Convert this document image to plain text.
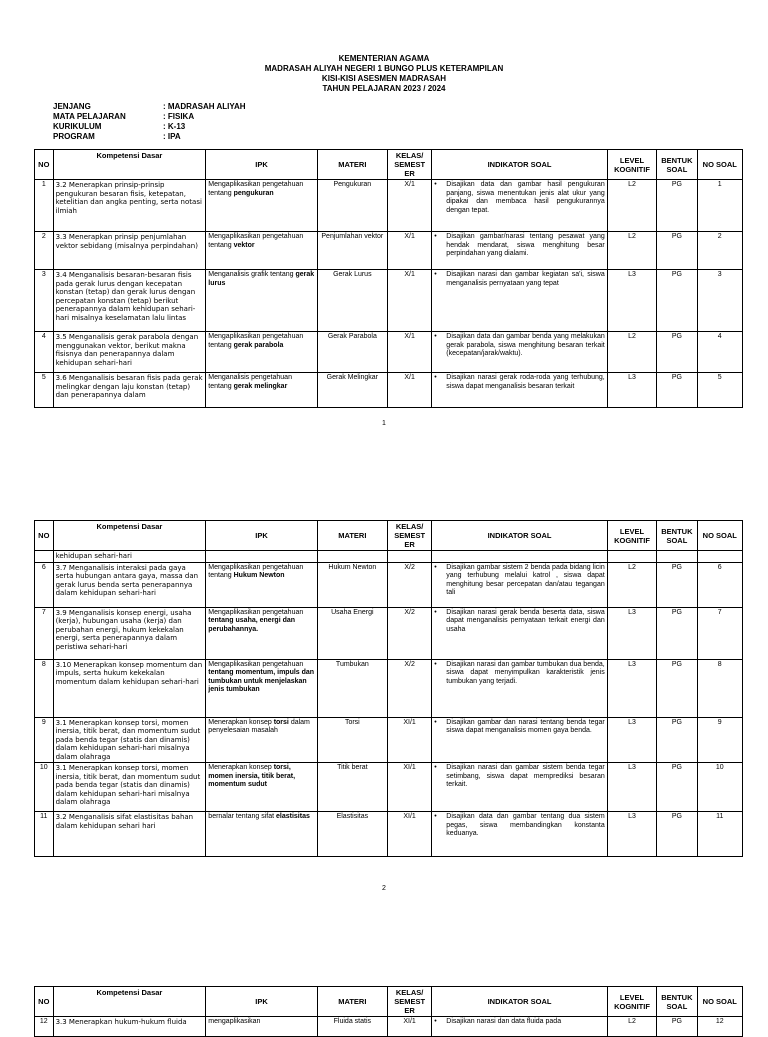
KEMENTERIAN AGAMA
MADRASAH ALIYAH NEGERI 1 BUNGO PLUS KETERAMPILAN
KISI-KISI ASESMEN MADRASAH
TAHUN PELAJARAN 2023 / 2024
JENJANG	: MADRASAH ALIYAH
MATA PELAJARAN	: FISIKA
KURIKULUM	: K-13
PROGRAM	: IPA
NO	Kompetensi Dasar	IPK	MATERI	KELAS/ SEMEST ER	INDIKATOR SOAL	LEVEL KOGNITIF	BENTUK SOAL	NO SOAL
1	3.2 Menerapkan prinsip-prinsip pengukuran besaran fisis, ketepatan, ketelitian dan angka penting, serta notasi ilmiah	Mengaplikasikan pengetahuan tentang pengukuran	Pengukuran	X/1	• Disajikan data dan gambar hasil pengukuran panjang, siswa menentukan jenis alat ukur yang dipakai dan membaca hasil pengukurannya dengan tepat.	L2	PG	1
2	3.3 Menerapkan prinsip penjumlahan vektor sebidang (misalnya perpindahan)	Mengaplikasikan pengetahuan tentang vektor	Penjumlahan vektor	X/1	• Disajikan gambar/narasi tentang pesawat yang hendak mendarat, siswa menghitung besar perpindahan yang dialami.	L2	PG	2
3	3.4 Menganalisis besaran-besaran fisis pada gerak lurus dengan kecepatan konstan (tetap) dan gerak lurus dengan percepatan konstan (tetap) berikut penerapannya dalam kehidupan sehari-hari misalnya keselamatan lalu lintas	Menganalisis grafik tentang gerak lurus	Gerak Lurus	X/1	• Disajikan narasi dan gambar kegiatan sa'i, siswa menganalisis pernyataan yang tepat	L3	PG	3
4	3.5 Menganalisis gerak parabola dengan menggunakan vektor, berikut makna fisisnya dan penerapannya dalam kehidupan sehari-hari	Mengaplikasikan pengetahuan tentang gerak parabola	Gerak Parabola	X/1	• Disajikan data dan gambar benda yang melakukan gerak parabola, siswa menghitung besaran terkait (kecepatan/jarak/waktu).	L2	PG	4
5	3.6 Menganalisis besaran fisis pada gerak melingkar dengan laju konstan (tetap) dan penerapannya dalam	Menganalisis pengetahuan tentang gerak melingkar	Gerak Melingkar	X/1	• Disajikan narasi gerak roda-roda yang terhubung, siswa dapat menganalisis besaran terkait	L3	PG	5
1
NO	Kompetensi Dasar	IPK	MATERI	KELAS/ SEMEST ER	INDIKATOR SOAL	LEVEL KOGNITIF	BENTUK SOAL	NO SOAL
	kehidupan sehari-hari							
6	3.7 Menganalisis interaksi pada gaya serta hubungan antara gaya, massa dan gerak lurus benda serta penerapannya dalam kehidupan sehari-hari	Mengaplikasikan pengetahuan tentang Hukum Newton	Hukum Newton	X/2	• Disajikan gambar sistem 2 benda pada bidang licin yang terhubung melalui katrol , siswa dapat menghitung besar percepatan dan/atau tegangan tali	L2	PG	6
7	3.9 Menganalisis konsep energi, usaha (kerja), hubungan usaha (kerja) dan perubahan energi, hukum kekekalan energi, serta penerapannya dalam peristiwa sehari-hari	Mengaplikasikan pengetahuan tentang usaha, energi dan perubahannya.	Usaha Energi	X/2	• Disajikan narasi gerak benda beserta data, siswa dapat menganalisis pernyataan terkait energi dan usaha	L3	PG	7
8	3.10 Menerapkan konsep momentum dan impuls, serta hukum kekekalan momentum dalam kehidupan sehari-hari	Mengaplikasikan pengetahuan tentang momentum, impuls dan tumbukan untuk menjelaskan jenis tumbukan	Tumbukan	X/2	• Disajikan narasi dan gambar tumbukan dua benda, siswa dapat menyimpulkan karakteristik jenis tumbukan yang terjadi.	L3	PG	8
9	3.1 Menerapkan konsep torsi, momen inersia, titik berat, dan momentum sudut pada benda tegar (statis dan dinamis) dalam kehidupan sehari-hari misalnya dalam olahraga	Menerapkan konsep torsi dalam penyelesaian masalah	Torsi	XI/1	• Disajikan gambar dan narasi tentang benda tegar siswa dapat menganalisis momen gaya benda.	L3	PG	9
10	3.1 Menerapkan konsep torsi, momen inersia, titik berat, dan momentum sudut pada benda tegar (statis dan dinamis) dalam kehidupan sehari-hari misalnya dalam olahraga	Menerapkan konsep torsi, momen inersia, titik berat, momentum sudut	Titik berat	XI/1	• Disajikan narasi dan gambar sistem benda tegar setimbang, siswa dapat memprediksi besaran terkait.	L3	PG	10
11	3.2 Menganalisis sifat elastisitas bahan dalam kehidupan sehari hari	bernalar tentang sifat elastisitas	Elastisitas	XI/1	• Disajikan data dan gambar tentang dua sistem pegas, siswa membandingkan konstanta keduanya.	L3	PG	11
2
NO	Kompetensi Dasar	IPK	MATERI	KELAS/ SEMEST ER	INDIKATOR SOAL	LEVEL KOGNITIF	BENTUK SOAL	NO SOAL
12	3.3 Menerapkan hukum-hukum fluida	mengaplikasikan	Fluida statis	XI/1	• Disajikan narasi dan data fluida pada	L2	PG	12
